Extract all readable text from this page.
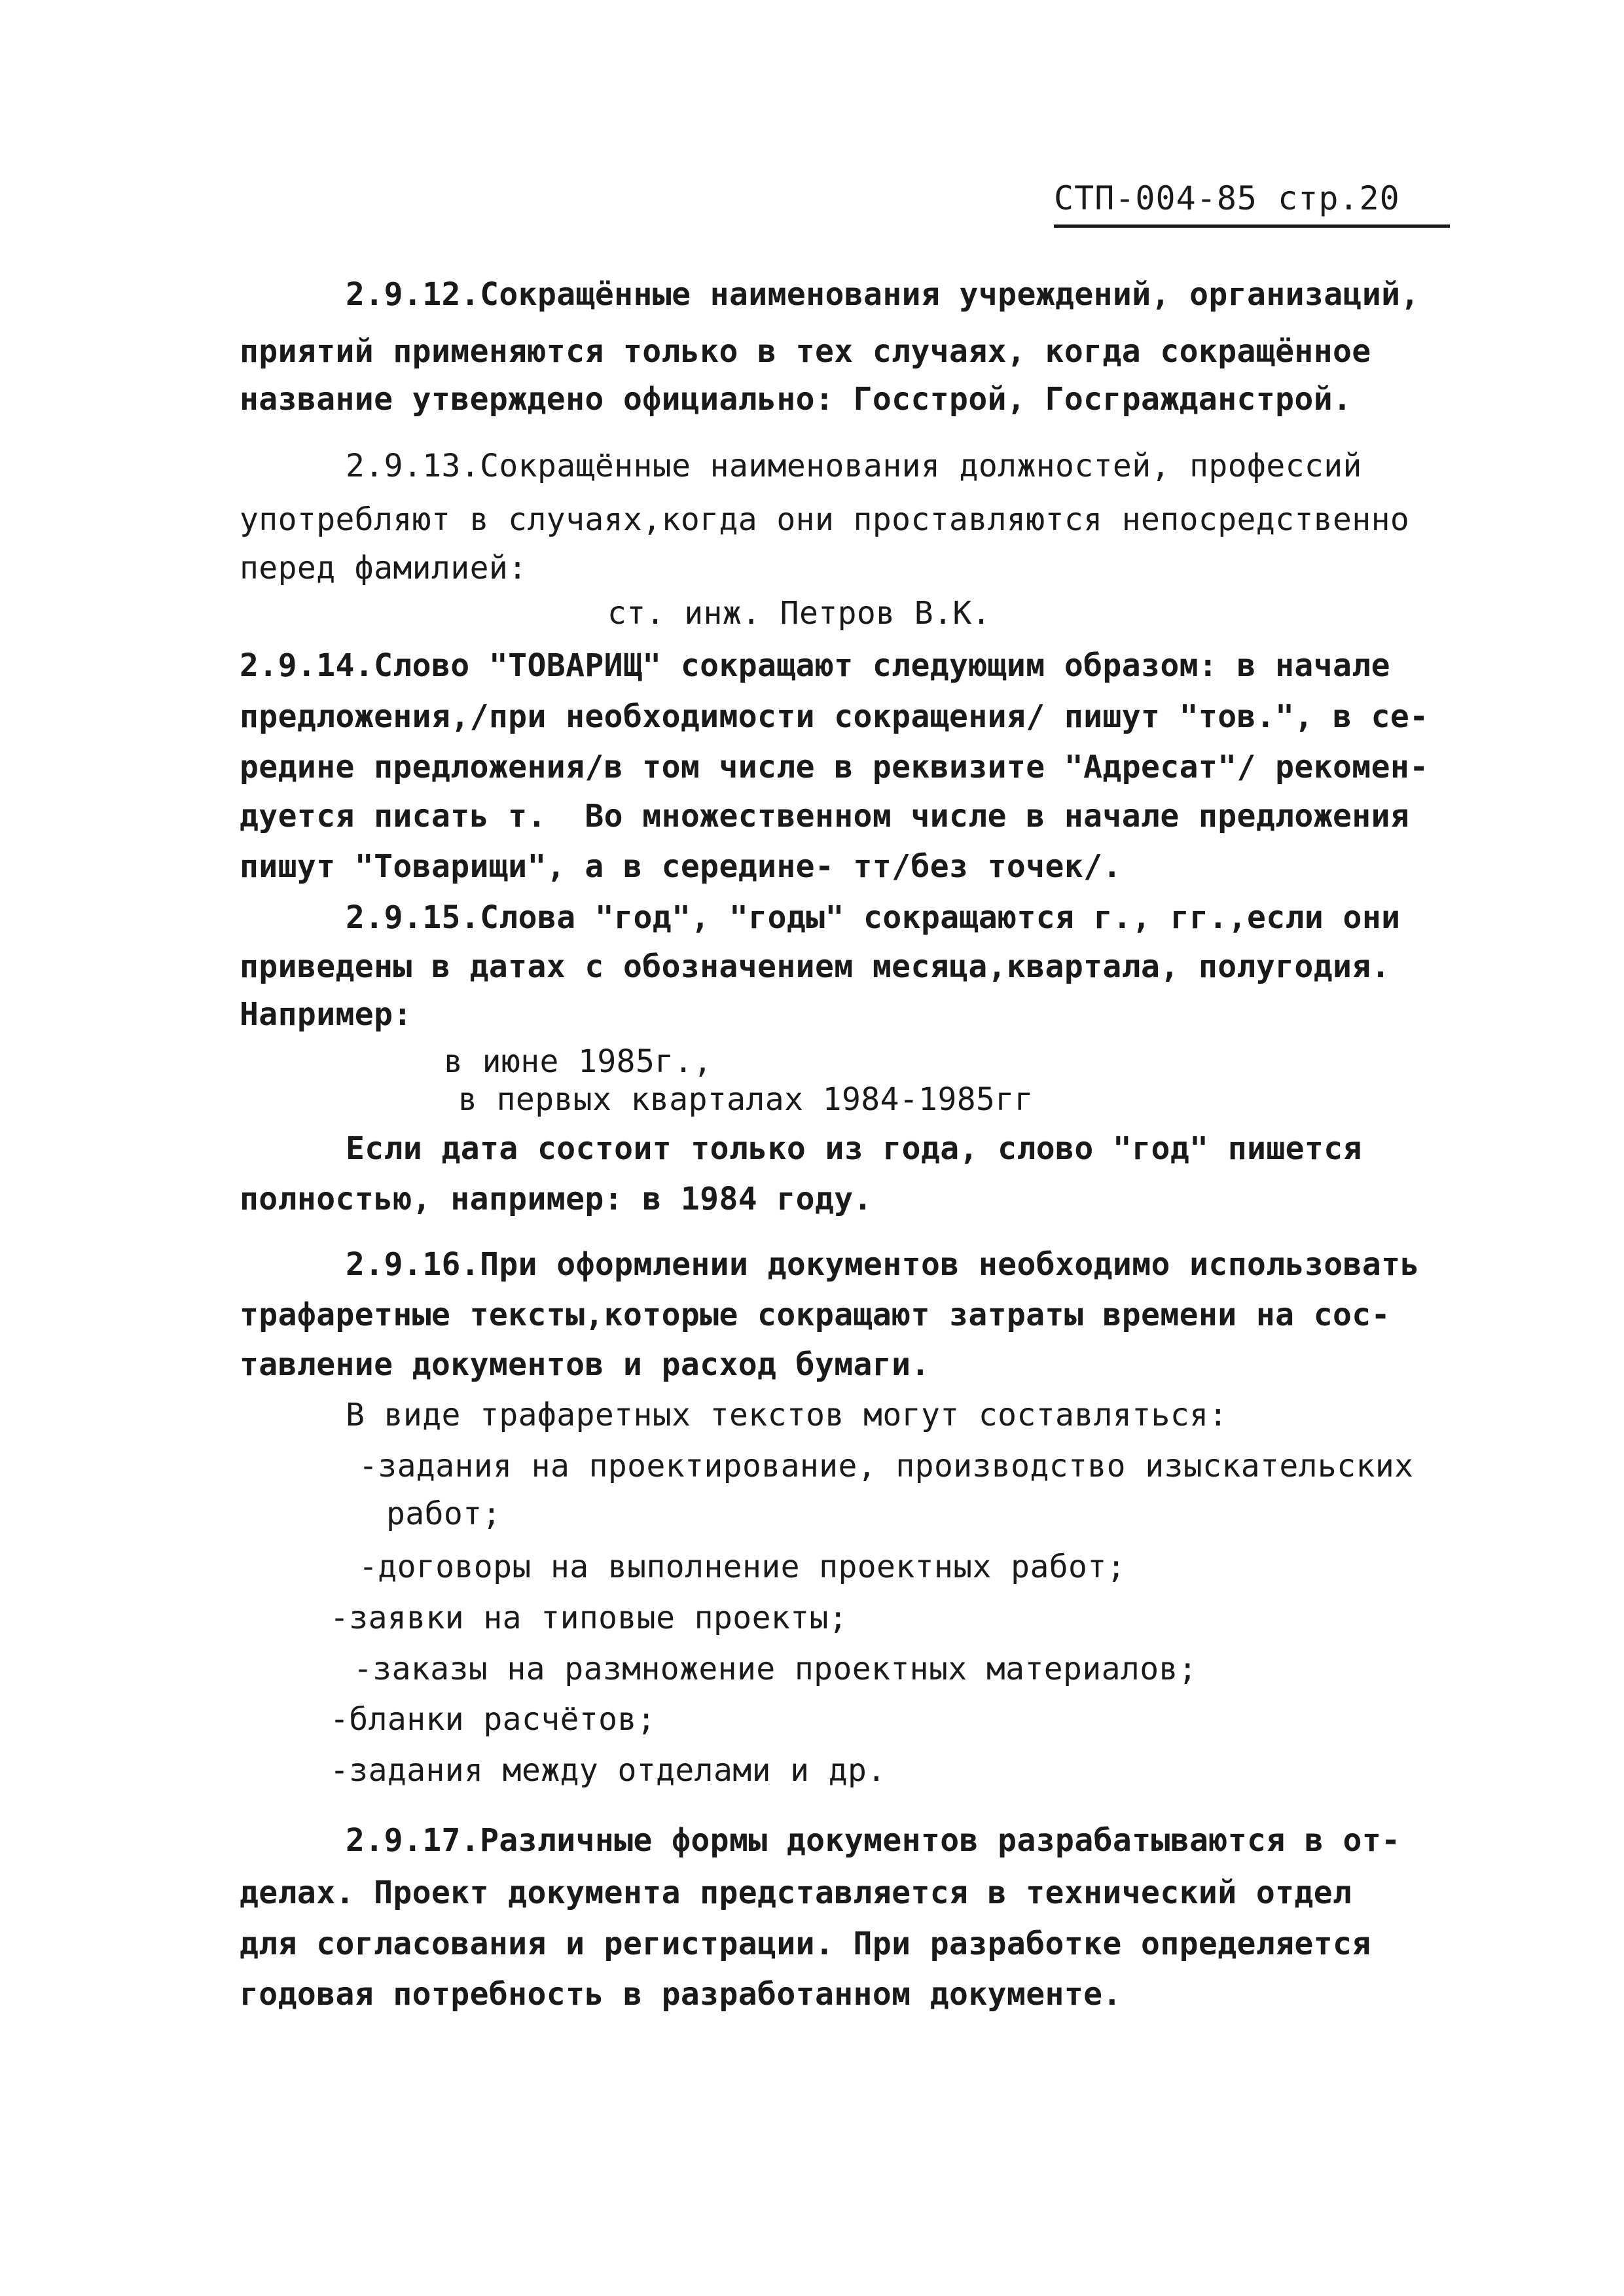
СТП-004-85 стр.20
2.9.12.Сокращённые наименования учреждений, организаций,
приятий применяются только в тех случаях, когда сокращённое
название утверждено официально: Госстрой, Госгражданстрой.
2.9.13.Сокращённые наименования должностей, профессий
употребляют в случаях,когда они проставляются непосредственно
перед фамилией:
ст. инж. Петров В.К.
2.9.14.Слово "ТОВАРИЩ" сокращают следующим образом: в начале
предложения,/при необходимости сокращения/ пишут "тов.", в се-
редине предложения/в том числе в реквизите "Адресат"/ рекомен-
дуется писать т.  Во множественном числе в начале предложения
пишут "Товарищи", а в середине- тт/без точек/.
2.9.15.Слова "год", "годы" сокращаются г., гг.,если они
приведены в датах с обозначением месяца,квартала, полугодия.
Например:
в июне 1985г.,
в первых кварталах 1984-1985гг
Если дата состоит только из года, слово "год" пишется
полностью, например: в 1984 году.
2.9.16.При оформлении документов необходимо использовать
трафаретные тексты,которые сокращают затраты времени на сос-
тавление документов и расход бумаги.
В виде трафаретных текстов могут составляться:
-задания на проектирование, производство изыскательских
работ;
-договоры на выполнение проектных работ;
-заявки на типовые проекты;
-заказы на размножение проектных материалов;
-бланки расчётов;
-задания между отделами и др.
2.9.17.Различные формы документов разрабатываются в от-
делах. Проект документа представляется в технический отдел
для согласования и регистрации. При разработке определяется
годовая потребность в разработанном документе.
